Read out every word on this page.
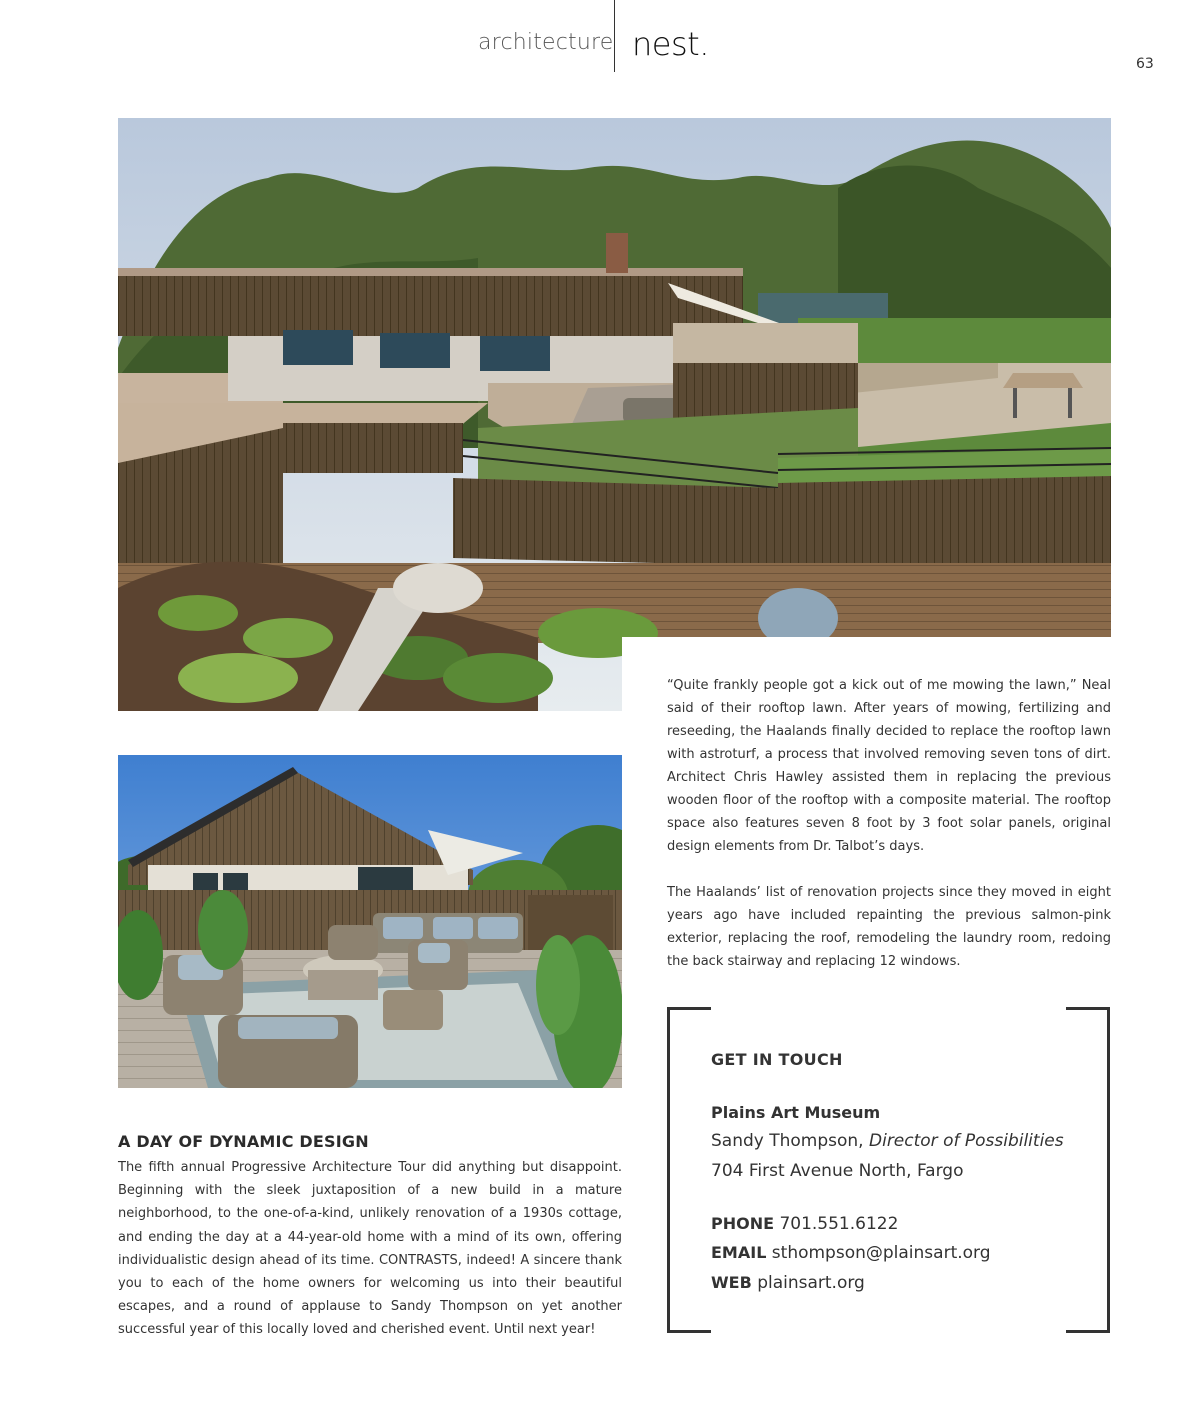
architecture nest.
63

“Quite frankly people got a kick out of me mowing the lawn,” Neal said of their rooftop lawn. After years of mowing, fertilizing and reseeding, the Haalands finally decided to replace the rooftop lawn with astroturf, a process that involved removing seven tons of dirt. Architect Chris Hawley assisted them in replacing the previous wooden floor of the rooftop with a composite material. The rooftop space also features seven 8 foot by 3 foot solar panels, original design elements from Dr. Talbot’s days.

The Haalands’ list of renovation projects since they moved in eight years ago have included repainting the previous salmon-pink exterior, replacing the roof, remodeling the laundry room, redoing the back stairway and replacing 12 windows.

A DAY OF DYNAMIC DESIGN
The fifth annual Progressive Architecture Tour did anything but disappoint. Beginning with the sleek juxtaposition of a new build in a mature neighborhood, to the one-of-a-kind, unlikely renovation of a 1930s cottage, and ending the day at a 44-year-old home with a mind of its own, offering individualistic design ahead of its time. CONTRASTS, indeed! A sincere thank you to each of the home owners for welcoming us into their beautiful escapes, and a round of applause to Sandy Thompson on yet another successful year of this locally loved and cherished event. Until next year!
GET IN TOUCH
Plains Art Museum
Sandy Thompson, Director of Possibilities
704 First Avenue North, Fargo
PHONE 701.551.6122
EMAIL sthompson@plainsart.org
WEB plainsart.org
